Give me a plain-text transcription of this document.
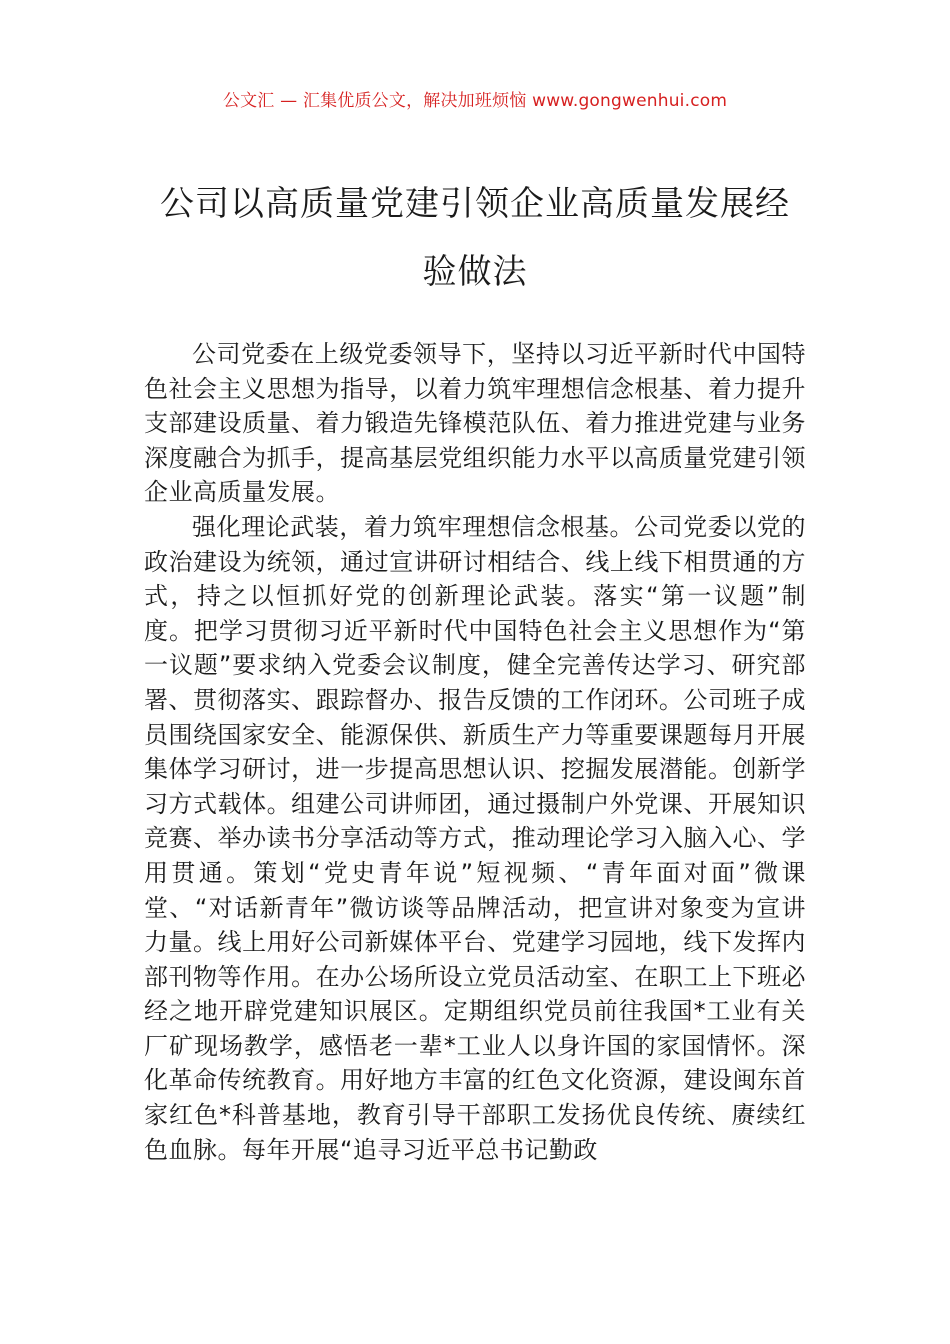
公文汇 — 汇集优质公文，解决加班烦恼 www.gongwenhui.com
公司以高质量党建引领企业高质量发展经验做法

公司党委在上级党委领导下，坚持以习近平新时代中国特色社会主义思想为指导，以着力筑牢理想信念根基、着力提升支部建设质量、着力锻造先锋模范队伍、着力推进党建与业务深度融合为抓手，提高基层党组织能力水平以高质量党建引领企业高质量发展。

强化理论武装，着力筑牢理想信念根基。公司党委以党的政治建设为统领，通过宣讲研讨相结合、线上线下相贯通的方式，持之以恒抓好党的创新理论武装。落实“第一议题”制度。把学习贯彻习近平新时代中国特色社会主义思想作为“第一议题”要求纳入党委会议制度，健全完善传达学习、研究部署、贯彻落实、跟踪督办、报告反馈的工作闭环。公司班子成员围绕国家安全、能源保供、新质生产力等重要课题每月开展集体学习研讨，进一步提高思想认识、挖掘发展潜能。创新学习方式载体。组建公司讲师团，通过摄制户外党课、开展知识竞赛、举办读书分享活动等方式，推动理论学习入脑入心、学用贯通。策划“党史青年说”短视频、“青年面对面”微课堂、“对话新青年”微访谈等品牌活动，把宣讲对象变为宣讲力量。线上用好公司新媒体平台、党建学习园地，线下发挥内部刊物等作用。在办公场所设立党员活动室、在职工上下班必经之地开辟党建知识展区。定期组织党员前往我国*工业有关厂矿现场教学，感悟老一辈*工业人以身许国的家国情怀。深化革命传统教育。用好地方丰富的红色文化资源，建设闽东首家红色*科普基地，教育引导干部职工发扬优良传统、赓续红色血脉。每年开展“追寻习近平总书记勤政
